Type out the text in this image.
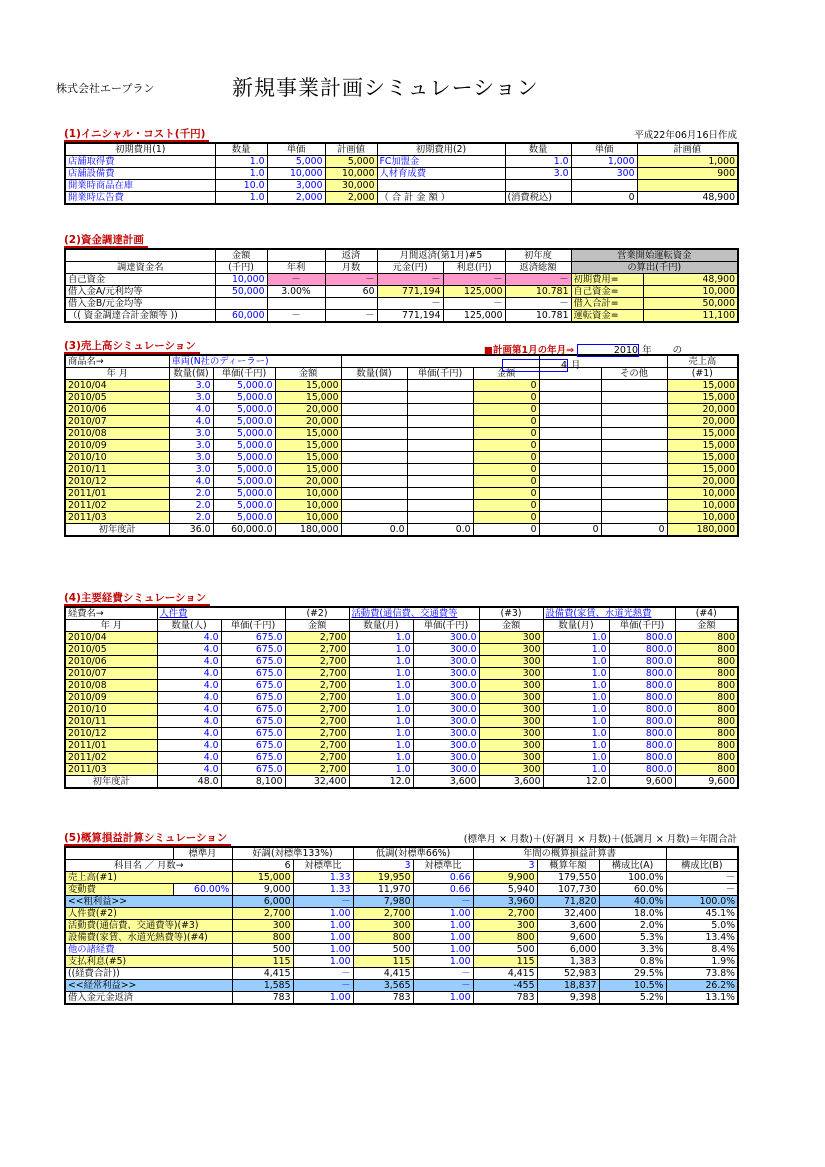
株式会社エープラン	新規事業計画シミュレーション
(1)イニシャル・コスト(千円)	平成22年06月16日作成
初期費用(1)	数量	単価	計画値	初期費用(2)	数量	単価	計画値
店舗取得費	1.0	5,000	5,000	FC加盟金	1.0	1,000	1,000
店舗設備費	1.0	10,000	10,000	人材育成費	3.0	300	900
開業時商品在庫	10.0	3,000	30,000				
開業時広告費	1.0	2,000	2,000	（ 合 計 金 額 ）	(消費税込)	0	48,900
(2)資金調達計画
	金額		返済	月間返済(第1月)#5		初年度	営業開始運転資金	
調達資金名	(千円)	年利	月数	元金(円)	利息(円)	返済総額	の算出(千円)	
自己資金	10,000	－	－	－	－	－	初期費用=	48,900
借入金A/元利均等	50,000	3.00%	60	771,194	125,000	10.781	自己資金=	10,000
借入金B/元金均等				－	－	－	借入合計=	50,000
（( 資金調達合計金額等 ))	60,000	－	－	771,194	125,000	10.781	運転資金=	11,100
(3)売上高シミュレーション	■計画第1月の年月⇒	2010 年 の 4 月
商品名→	車両(N社のディーラー)								売上高
年 月	数量(個)	単価(千円)	金額	数量(個)	単価(千円)	金額		その他	(#1)
2010/04	3.0	5,000.0	15,000			0			15,000
2010/05	3.0	5,000.0	15,000			0			15,000
2010/06	4.0	5,000.0	20,000			0			20,000
2010/07	4.0	5,000.0	20,000			0			20,000
2010/08	3.0	5,000.0	15,000			0			15,000
2010/09	3.0	5,000.0	15,000			0			15,000
2010/10	3.0	5,000.0	15,000			0			15,000
2010/11	3.0	5,000.0	15,000			0			15,000
2010/12	4.0	5,000.0	20,000			0			20,000
2011/01	2.0	5,000.0	10,000			0			10,000
2011/02	2.0	5,000.0	10,000			0			10,000
2011/03	2.0	5,000.0	10,000			0			10,000
初年度計	36.0	60,000.0	180,000	0.0	0.0	0	0	0	180,000
(4)主要経費シミュレーション
経費名→	人件費		(#2)	活動費(通信費、交通費等		(#3)	設備費(家賃、水道光熱費		(#4)
年 月	数量(人)	単価(千円)	金額	数量(月)	単価(千円)	金額	数量(月)	単価(千円)	金額
2010/04	4.0	675.0	2,700	1.0	300.0	300	1.0	800.0	800
2010/05	4.0	675.0	2,700	1.0	300.0	300	1.0	800.0	800
2010/06	4.0	675.0	2,700	1.0	300.0	300	1.0	800.0	800
2010/07	4.0	675.0	2,700	1.0	300.0	300	1.0	800.0	800
2010/08	4.0	675.0	2,700	1.0	300.0	300	1.0	800.0	800
2010/09	4.0	675.0	2,700	1.0	300.0	300	1.0	800.0	800
2010/10	4.0	675.0	2,700	1.0	300.0	300	1.0	800.0	800
2010/11	4.0	675.0	2,700	1.0	300.0	300	1.0	800.0	800
2010/12	4.0	675.0	2,700	1.0	300.0	300	1.0	800.0	800
2011/01	4.0	675.0	2,700	1.0	300.0	300	1.0	800.0	800
2011/02	4.0	675.0	2,700	1.0	300.0	300	1.0	800.0	800
2011/03	4.0	675.0	2,700	1.0	300.0	300	1.0	800.0	800
初年度計	48.0	8,100	32,400	12.0	3,600	3,600	12.0	9,600	9,600
(5)概算損益計算シミュレーション	(標準月 × 月数)＋(好調月 × 月数)＋(低調月 × 月数)＝年間合計
	標準月	好調(対標準133%)		低調(対標準66%)		年間の概算損益計算書			
科目名 ／ 月数→		6	対標準比	3	対標準比	3	概算年額	構成比(A)	構成比(B)
売上高(#1)		15,000	1.33	19,950	0.66	9,900	179,550	100.0%	－
変動費	60.00%	9,000	1.33	11,970	0.66	5,940	107,730	60.0%	－
<<粗利益>>		6,000	－	7,980	－	3,960	71,820	40.0%	100.0%
人件費(#2)		2,700	1.00	2,700	1.00	2,700	32,400	18.0%	45.1%
活動費(通信費、交通費等)(#3)		300	1.00	300	1.00	300	3,600	2.0%	5.0%
設備費(家賃、水道光熱費等)(#4)		800	1.00	800	1.00	800	9,600	5.3%	13.4%
他の諸経費		500	1.00	500	1.00	500	6,000	3.3%	8.4%
支払利息(#5)		115	1.00	115	1.00	115	1,383	0.8%	1.9%
((経費合計))		4,415	－	4,415	－	4,415	52,983	29.5%	73.8%
<<経常利益>>		1,585	－	3,565	－	-455	18,837	10.5%	26.2%
借入金元金返済		783	1.00	783	1.00	783	9,398	5.2%	13.1%
